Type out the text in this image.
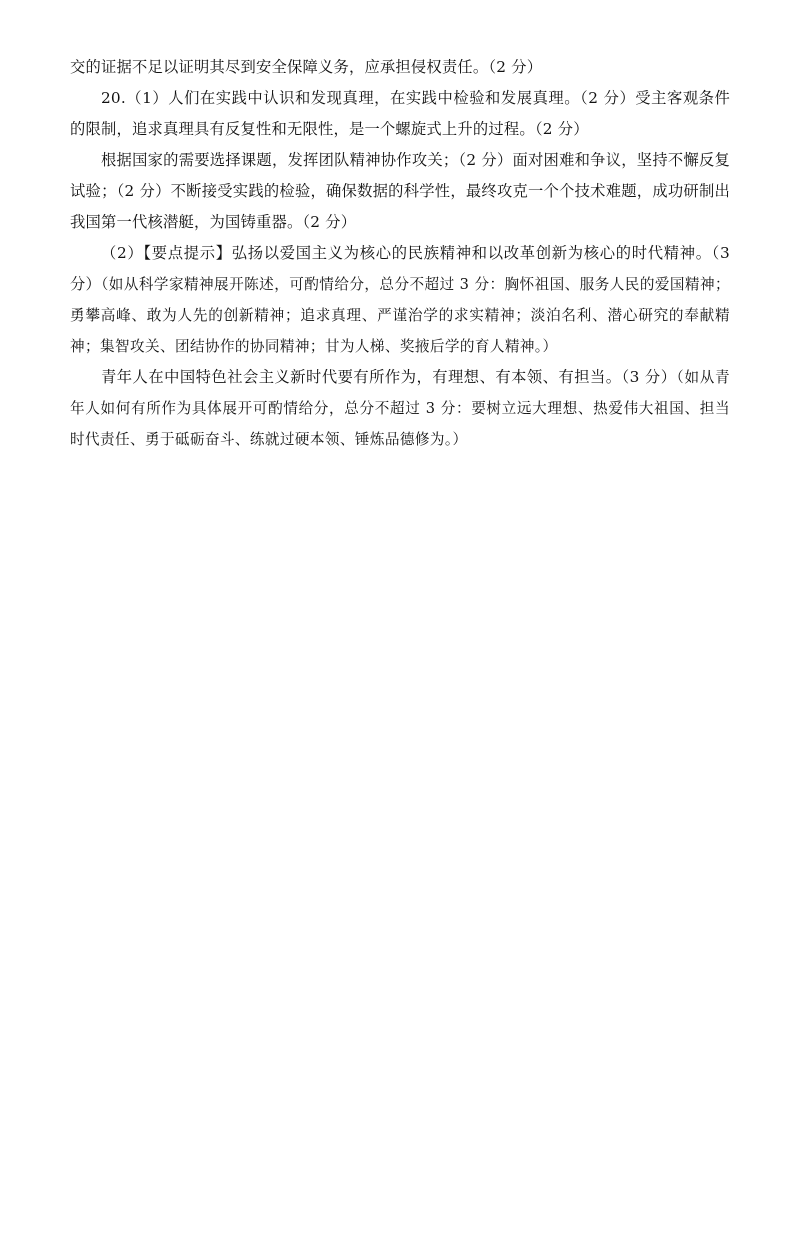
交的证据不足以证明其尽到安全保障义务，应承担侵权责任。（2 分）

20.（1）人们在实践中认识和发现真理，在实践中检验和发展真理。（2 分）受主客观条件的限制，追求真理具有反复性和无限性，是一个螺旋式上升的过程。（2 分）

根据国家的需要选择课题，发挥团队精神协作攻关；（2 分）面对困难和争议，坚持不懈反复试验；（2 分）不断接受实践的检验，确保数据的科学性，最终攻克一个个技术难题，成功研制出我国第一代核潜艇，为国铸重器。（2 分）

（2）【要点提示】弘扬以爱国主义为核心的民族精神和以改革创新为核心的时代精神。（3 分）（如从科学家精神展开陈述，可酌情给分，总分不超过 3 分：胸怀祖国、服务人民的爱国精神；勇攀高峰、敢为人先的创新精神；追求真理、严谨治学的求实精神；淡泊名利、潜心研究的奉献精神；集智攻关、团结协作的协同精神；甘为人梯、奖掖后学的育人精神。）

青年人在中国特色社会主义新时代要有所作为，有理想、有本领、有担当。（3 分）（如从青年人如何有所作为具体展开可酌情给分，总分不超过 3 分：要树立远大理想、热爱伟大祖国、担当时代责任、勇于砥砺奋斗、练就过硬本领、锤炼品德修为。）
